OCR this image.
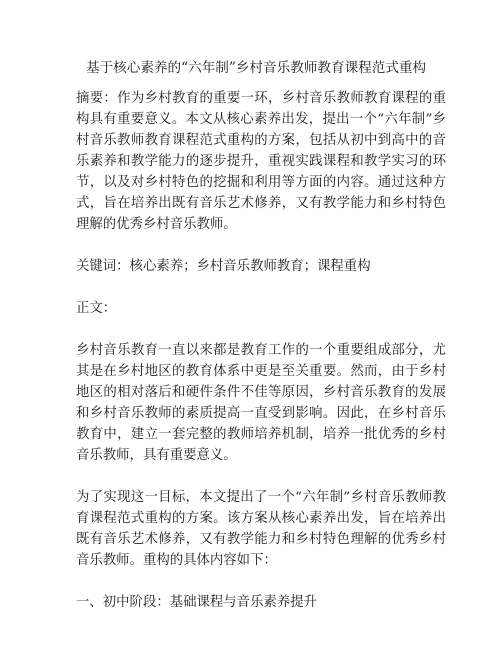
基于核心素养的“六年制”乡村音乐教师教育课程范式重构

摘要：作为乡村教育的重要一环，乡村音乐教师教育课程的重构具有重要意义。本文从核心素养出发，提出一个“六年制”乡村音乐教师教育课程范式重构的方案，包括从初中到高中的音乐素养和教学能力的逐步提升，重视实践课程和教学实习的环节，以及对乡村特色的挖掘和利用等方面的内容。通过这种方式，旨在培养出既有音乐艺术修养，又有教学能力和乡村特色理解的优秀乡村音乐教师。

关键词：核心素养；乡村音乐教师教育；课程重构

正文：

乡村音乐教育一直以来都是教育工作的一个重要组成部分，尤其是在乡村地区的教育体系中更是至关重要。然而，由于乡村地区的相对落后和硬件条件不佳等原因，乡村音乐教育的发展和乡村音乐教师的素质提高一直受到影响。因此，在乡村音乐教育中，建立一套完整的教师培养机制，培养一批优秀的乡村音乐教师，具有重要意义。

为了实现这一目标，本文提出了一个“六年制”乡村音乐教师教育课程范式重构的方案。该方案从核心素养出发，旨在培养出既有音乐艺术修养，又有教学能力和乡村特色理解的优秀乡村音乐教师。重构的具体内容如下：

一、初中阶段：基础课程与音乐素养提升
